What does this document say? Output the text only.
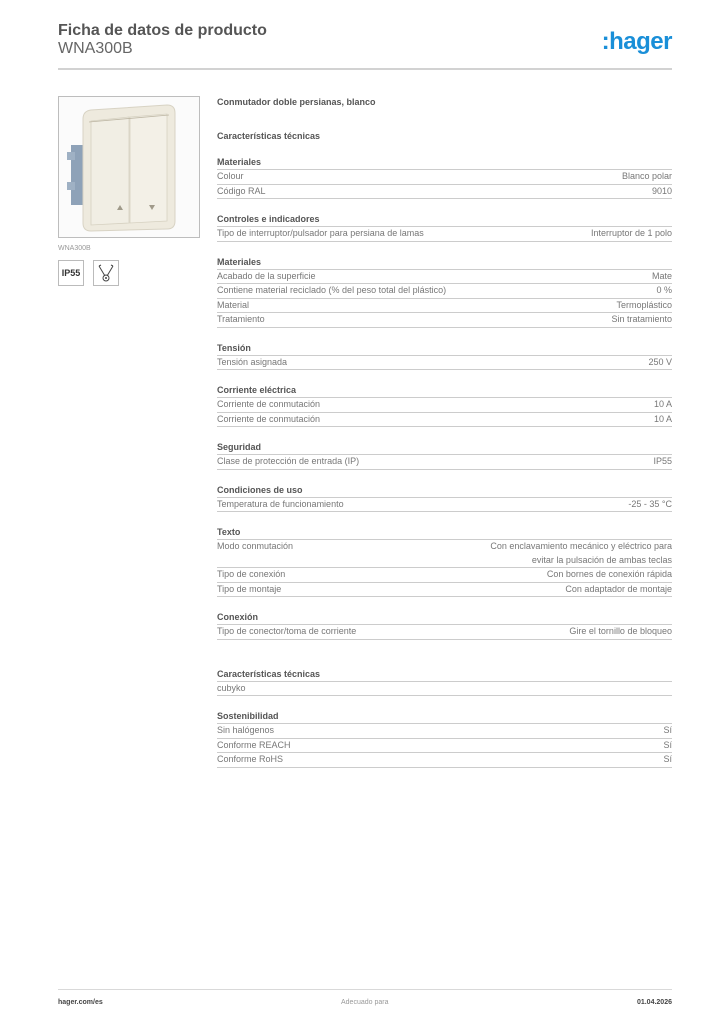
Ficha de datos de producto

WNA300B	:hager
WNA300B
IP55
Conmutador doble persianas, blanco
Características técnicas
Materiales
Colour	Blanco polar
Código RAL	9010
Controles e indicadores
Tipo de interruptor/pulsador para persiana de lamas	Interruptor de 1 polo
Materiales
Acabado de la superficie	Mate
Contiene material reciclado (% del peso total del plástico)	0 %
Material	Termoplástico
Tratamiento	Sin tratamiento
Tensión
Tensión asignada	250 V
Corriente eléctrica
Corriente de conmutación	10 A
Corriente de conmutación	10 A
Seguridad
Clase de protección de entrada (IP)	IP55
Condiciones de uso
Temperatura de funcionamiento	-25 - 35 °C
Texto
Modo conmutación	Con enclavamiento mecánico y eléctrico para evitar la pulsación de ambas teclas
Tipo de conexión	Con bornes de conexión rápida
Tipo de montaje	Con adaptador de montaje
Conexión
Tipo de conector/toma de corriente	Gire el tornillo de bloqueo
Características técnicas
cubyko
Sostenibilidad
Sin halógenos	Sí
Conforme REACH	Sí
Conforme RoHS	Sí
hager.com/es	Adecuado para	01.04.2026
